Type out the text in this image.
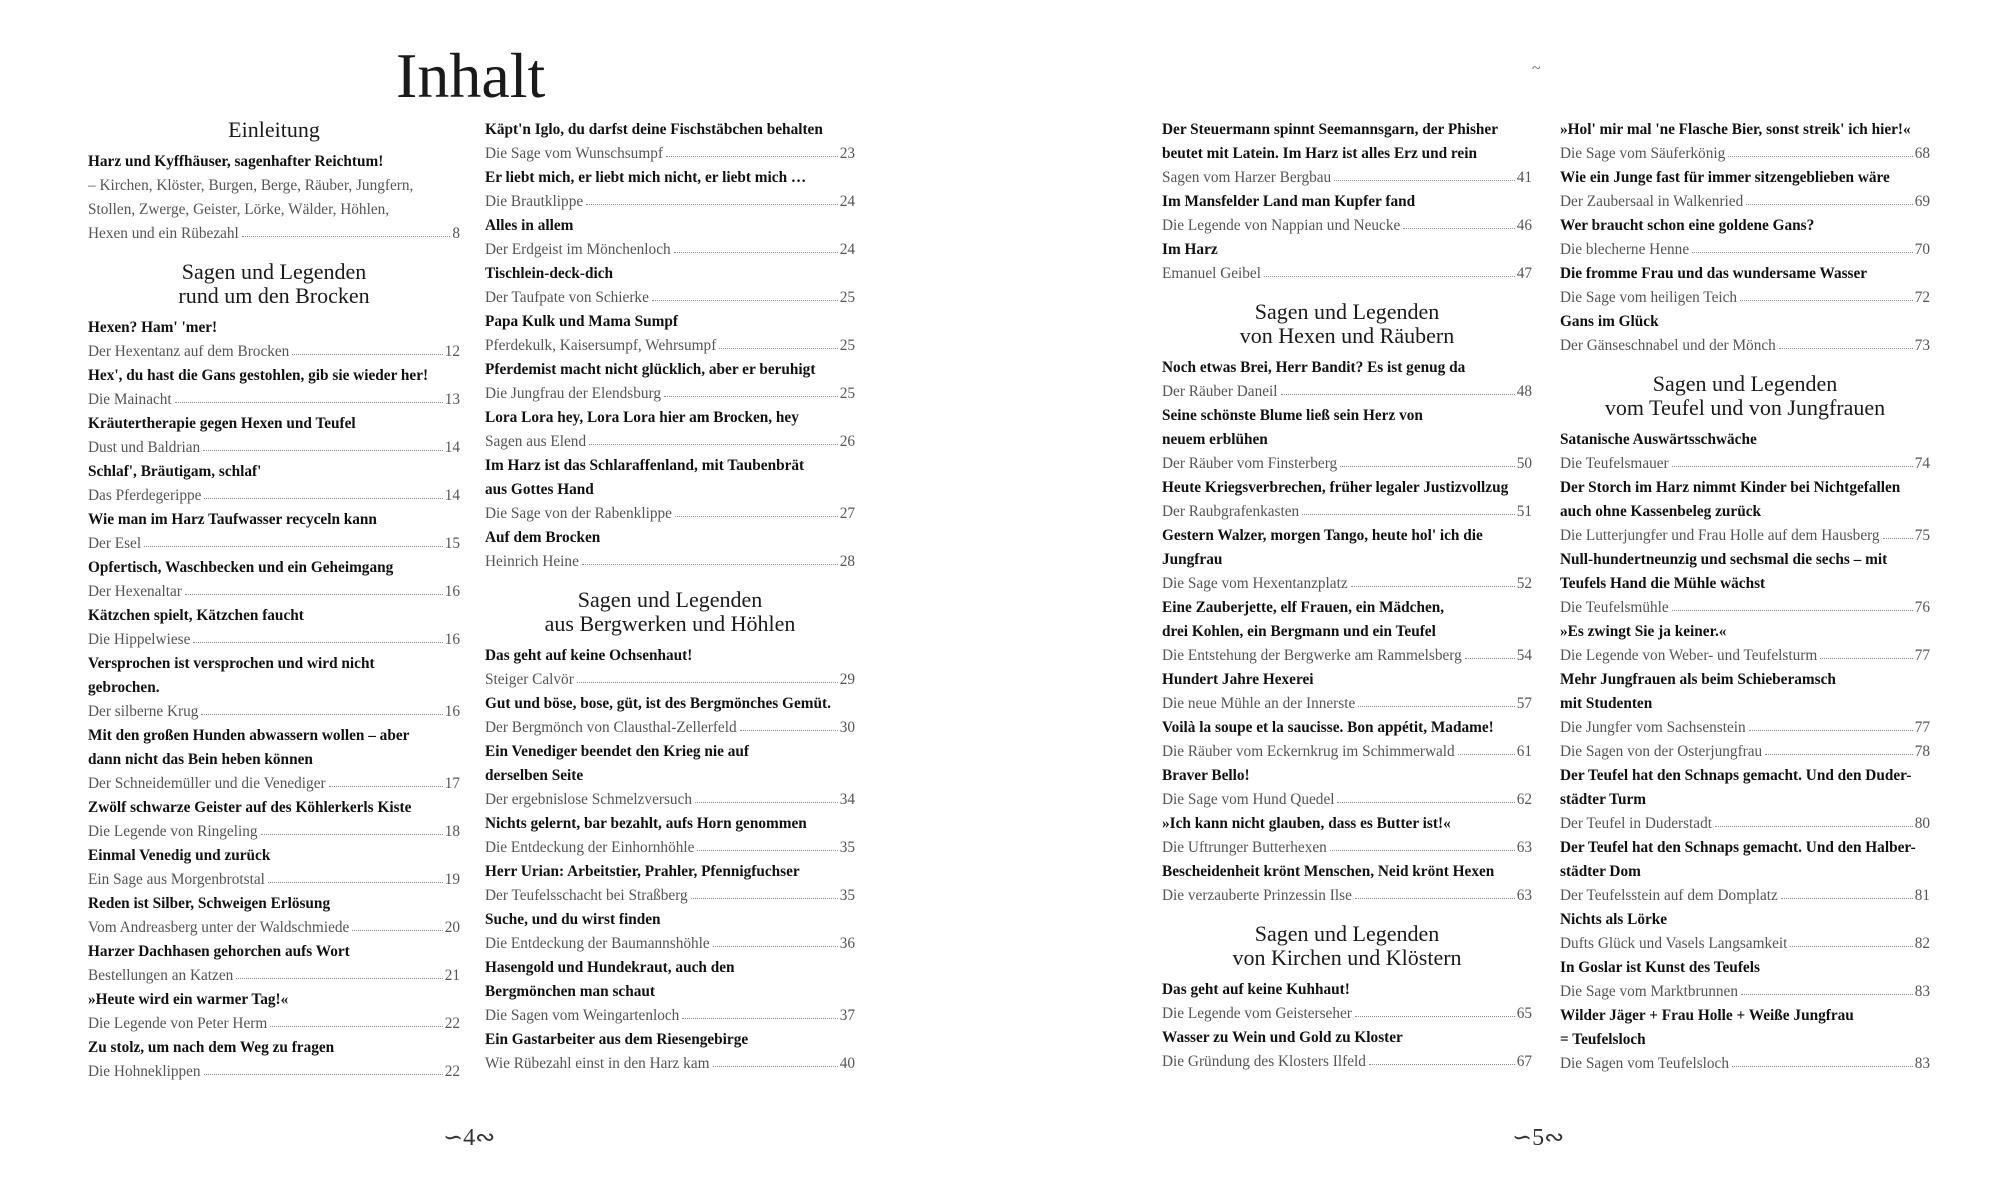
Inhalt
∽4∾	∽5∾
~
Einleitung
Harz und Kyffhäuser, sagenhafter Reichtum!
– Kirchen, Klöster, Burgen, Berge, Räuber, Jungfern,
Stollen, Zwerge, Geister, Lörke, Wälder, Höhlen,
Hexen und ein Rübezahl	8
Sagen und Legenden
rund um den Brocken
Hexen? Ham' 'mer!
Der Hexentanz auf dem Brocken	12
Hex', du hast die Gans gestohlen, gib sie wieder her!
Die Mainacht	13
Kräutertherapie gegen Hexen und Teufel
Dust und Baldrian	14
Schlaf', Bräutigam, schlaf'
Das Pferdegerippe	14
Wie man im Harz Taufwasser recyceln kann
Der Esel	15
Opfertisch, Waschbecken und ein Geheimgang
Der Hexenaltar	16
Kätzchen spielt, Kätzchen faucht
Die Hippelwiese	16
Versprochen ist versprochen und wird nicht
gebrochen.
Der silberne Krug	16
Mit den großen Hunden abwassern wollen – aber
dann nicht das Bein heben können
Der Schneidemüller und die Venediger	17
Zwölf schwarze Geister auf des Köhlerkerls Kiste
Die Legende von Ringeling	18
Einmal Venedig und zurück
Ein Sage aus Morgenbrotstal	19
Reden ist Silber, Schweigen Erlösung
Vom Andreasberg unter der Waldschmiede	20
Harzer Dachhasen gehorchen aufs Wort
Bestellungen an Katzen	21
»Heute wird ein warmer Tag!«
Die Legende von Peter Herm	22
Zu stolz, um nach dem Weg zu fragen
Die Hohneklippen	22
Käpt'n Iglo, du darfst deine Fischstäbchen behalten
Die Sage vom Wunschsumpf	23
Er liebt mich, er liebt mich nicht, er liebt mich …
Die Brautklippe	24
Alles in allem
Der Erdgeist im Mönchenloch	24
Tischlein-deck-dich
Der Taufpate von Schierke	25
Papa Kulk und Mama Sumpf
Pferdekulk, Kaisersumpf, Wehrsumpf	25
Pferdemist macht nicht glücklich, aber er beruhigt
Die Jungfrau der Elendsburg	25
Lora Lora hey, Lora Lora hier am Brocken, hey
Sagen aus Elend	26
Im Harz ist das Schlaraffenland, mit Taubenbrät
aus Gottes Hand
Die Sage von der Rabenklippe	27
Auf dem Brocken
Heinrich Heine	28
Sagen und Legenden
aus Bergwerken und Höhlen
Das geht auf keine Ochsenhaut!
Steiger Calvör	29
Gut und böse, bose, güt, ist des Bergmönches Gemüt.
Der Bergmönch von Clausthal-Zellerfeld	30
Ein Venediger beendet den Krieg nie auf
derselben Seite
Der ergebnislose Schmelzversuch	34
Nichts gelernt, bar bezahlt, aufs Horn genommen
Die Entdeckung der Einhornhöhle	35
Herr Urian: Arbeitstier, Prahler, Pfennigfuchser
Der Teufelsschacht bei Straßberg	35
Suche, und du wirst finden
Die Entdeckung der Baumannshöhle	36
Hasengold und Hundekraut, auch den
Bergmönchen man schaut
Die Sagen vom Weingartenloch	37
Ein Gastarbeiter aus dem Riesengebirge
Wie Rübezahl einst in den Harz kam	40
Der Steuermann spinnt Seemannsgarn, der Phisher
beutet mit Latein. Im Harz ist alles Erz und rein
Sagen vom Harzer Bergbau	41
Im Mansfelder Land man Kupfer fand
Die Legende von Nappian und Neucke	46
Im Harz
Emanuel Geibel	47
Sagen und Legenden
von Hexen und Räubern
Noch etwas Brei, Herr Bandit? Es ist genug da
Der Räuber Daneil	48
Seine schönste Blume ließ sein Herz von
neuem erblühen
Der Räuber vom Finsterberg	50
Heute Kriegsverbrechen, früher legaler Justizvollzug
Der Raubgrafenkasten	51
Gestern Walzer, morgen Tango, heute hol' ich die
Jungfrau
Die Sage vom Hexentanzplatz	52
Eine Zauberjette, elf Frauen, ein Mädchen,
drei Kohlen, ein Bergmann und ein Teufel
Die Entstehung der Bergwerke am Rammelsberg	54
Hundert Jahre Hexerei
Die neue Mühle an der Innerste	57
Voilà la soupe et la saucisse. Bon appétit, Madame!
Die Räuber vom Eckernkrug im Schimmerwald	61
Braver Bello!
Die Sage vom Hund Quedel	62
»Ich kann nicht glauben, dass es Butter ist!«
Die Uftrunger Butterhexen	63
Bescheidenheit krönt Menschen, Neid krönt Hexen
Die verzauberte Prinzessin Ilse	63
Sagen und Legenden
von Kirchen und Klöstern
Das geht auf keine Kuhhaut!
Die Legende vom Geisterseher	65
Wasser zu Wein und Gold zu Kloster
Die Gründung des Klosters Ilfeld	67
»Hol' mir mal 'ne Flasche Bier, sonst streik' ich hier!«
Die Sage vom Säuferkönig	68
Wie ein Junge fast für immer sitzengeblieben wäre
Der Zaubersaal in Walkenried	69
Wer braucht schon eine goldene Gans?
Die blecherne Henne	70
Die fromme Frau und das wundersame Wasser
Die Sage vom heiligen Teich	72
Gans im Glück
Der Gänseschnabel und der Mönch	73
Sagen und Legenden
vom Teufel und von Jungfrauen
Satanische Auswärtsschwäche
Die Teufelsmauer	74
Der Storch im Harz nimmt Kinder bei Nichtgefallen
auch ohne Kassenbeleg zurück
Die Lutterjungfer und Frau Holle auf dem Hausberg 75
Null-hundertneunzig und sechsmal die sechs – mit
Teufels Hand die Mühle wächst
Die Teufelsmühle	76
»Es zwingt Sie ja keiner.«
Die Legende von Weber- und Teufelsturm	77
Mehr Jungfrauen als beim Schieberamsch
mit Studenten
Die Jungfer vom Sachsenstein	77
Die Sagen von der Osterjungfrau	78
Der Teufel hat den Schnaps gemacht. Und den Duder-
städter Turm
Der Teufel in Duderstadt	80
Der Teufel hat den Schnaps gemacht. Und den Halber-
städter Dom
Der Teufelsstein auf dem Domplatz	81
Nichts als Lörke
Dufts Glück und Vasels Langsamkeit	82
In Goslar ist Kunst des Teufels
Die Sage vom Marktbrunnen	83
Wilder Jäger + Frau Holle + Weiße Jungfrau
= Teufelsloch
Die Sagen vom Teufelsloch	83
